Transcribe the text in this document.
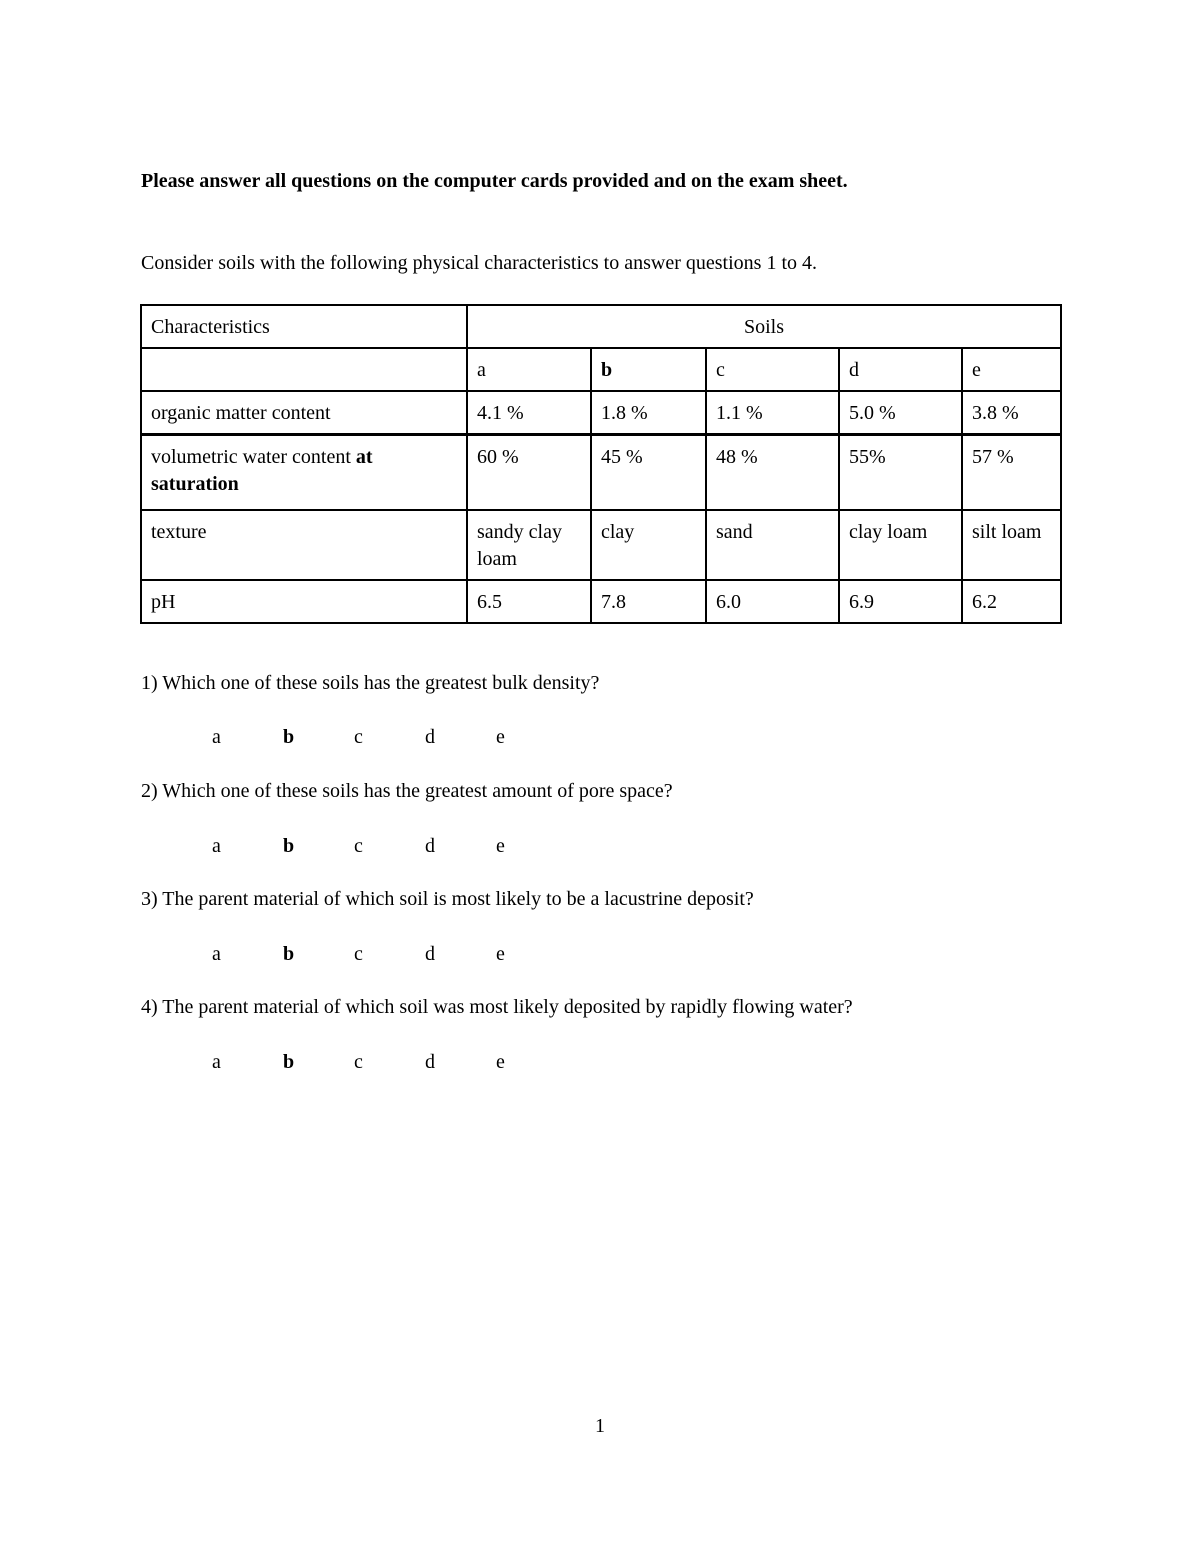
Please answer all questions on the computer cards provided and on the exam sheet.
Consider soils with the following physical characteristics to answer questions 1 to 4.
Characteristics	Soils				
	a	b	c	d	e
organic matter content	4.1 %	1.8 %	1.1 %	5.0 %	3.8 %
volumetric water content at
saturation	60 %	45 %	48 %	55%	57 %
texture	sandy clay loam	clay	sand	clay loam	silt loam
pH	6.5	7.8	6.0	6.9	6.2
1) Which one of these soils has the greatest bulk density?
a	b	c	d	e
2) Which one of these soils has the greatest amount of pore space?
a	b	c	d	e
3) The parent material of which soil is most likely to be a lacustrine deposit?
a	b	c	d	e
4) The parent material of which soil was most likely deposited by rapidly flowing water?
a	b	c	d	e
1
